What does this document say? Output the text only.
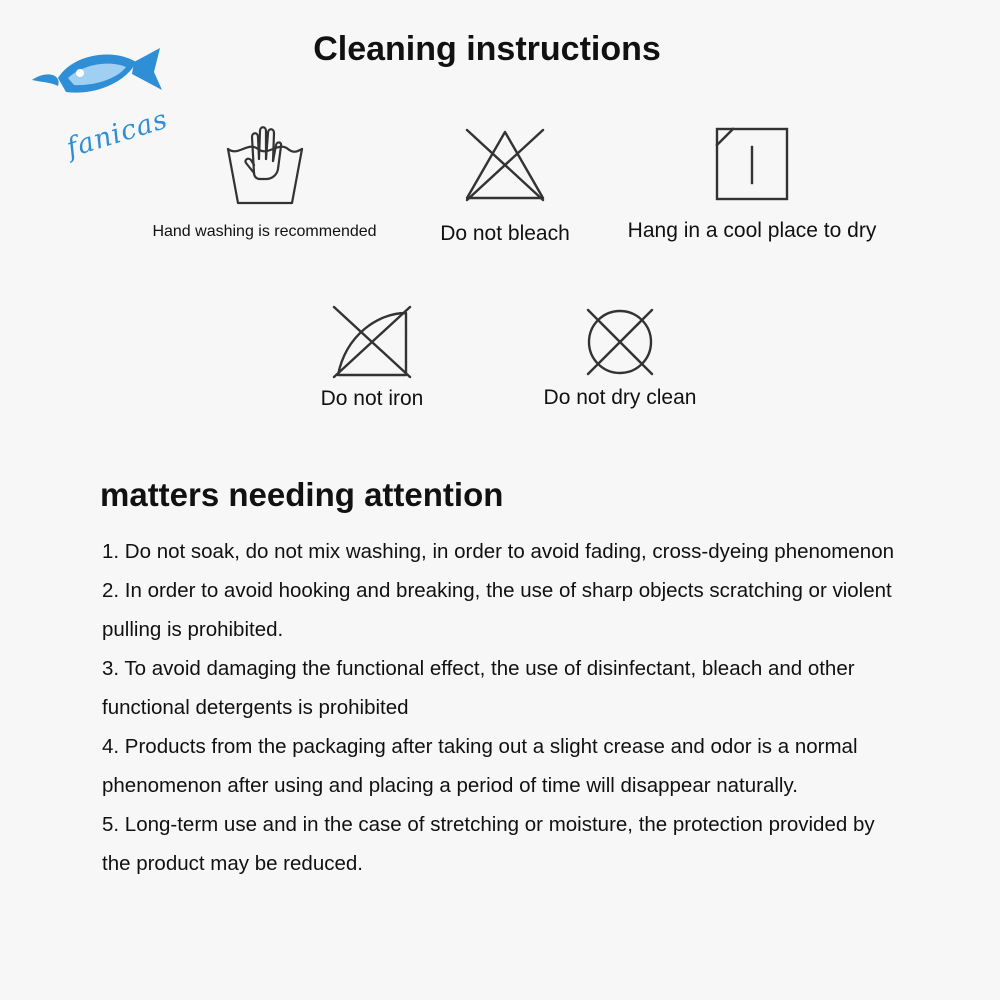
fanicas
Cleaning instructions
Hand washing is recommended	Do not bleach	Hang in a cool place to dry
Do not iron	Do not dry clean
matters needing attention
1. Do not soak, do not mix washing, in order to avoid fading, cross-dyeing phenomenon
2. In order to avoid hooking and breaking, the use of sharp objects scratching or violent pulling is prohibited.
3. To avoid damaging the functional effect, the use of disinfectant, bleach and other functional detergents is prohibited
4. Products from the packaging after taking out a slight crease and odor is a normal phenomenon after using and placing a period of time will disappear naturally.
5. Long-term use and in the case of stretching or moisture, the protection provided by the product may be reduced.
